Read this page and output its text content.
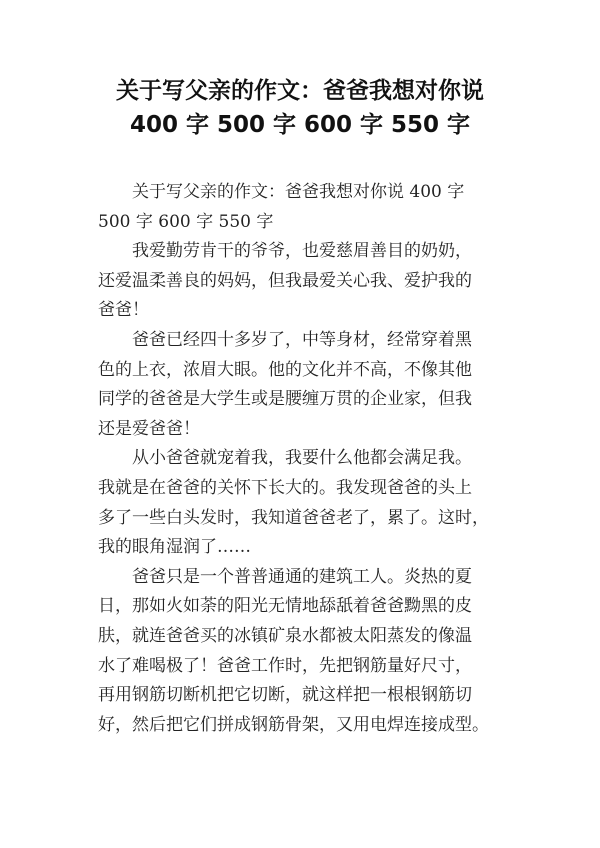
关于写父亲的作文：爸爸我想对你说
400 字 500 字 600 字 550 字
关于写父亲的作文：爸爸我想对你说 400 字
500 字 600 字 550 字
我爱勤劳肯干的爷爷，也爱慈眉善目的奶奶，
还爱温柔善良的妈妈，但我最爱关心我、爱护我的
爸爸！
爸爸已经四十多岁了，中等身材，经常穿着黑
色的上衣，浓眉大眼。他的文化并不高，不像其他
同学的爸爸是大学生或是腰缠万贯的企业家，但我
还是爱爸爸！
从小爸爸就宠着我，我要什么他都会满足我。
我就是在爸爸的关怀下长大的。我发现爸爸的头上
多了一些白头发时，我知道爸爸老了，累了。这时，
我的眼角湿润了……
爸爸只是一个普普通通的建筑工人。炎热的夏
日，那如火如荼的阳光无情地舔舐着爸爸黝黑的皮
肤，就连爸爸买的冰镇矿泉水都被太阳蒸发的像温
水了难喝极了！爸爸工作时，先把钢筋量好尺寸，
再用钢筋切断机把它切断，就这样把一根根钢筋切
好，然后把它们拼成钢筋骨架，又用电焊连接成型。
